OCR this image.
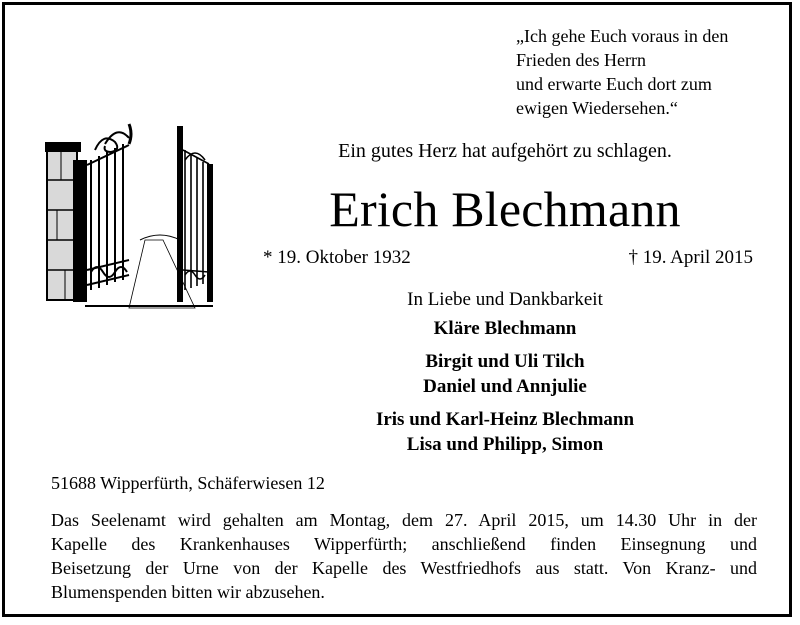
„Ich gehe Euch voraus in den
Frieden des Herrn
und erwarte Euch dort zum
ewigen Wiedersehen.“
Ein gutes Herz hat aufgehört zu schlagen.
Erich Blechmann
* 19. Oktober 1932	† 19. April 2015
In Liebe und Dankbarkeit
Kläre Blechmann
Birgit und Uli Tilch
Daniel und Annjulie
Iris und Karl-Heinz Blechmann
Lisa und Philipp, Simon
51688 Wipperfürth, Schäferwiesen 12
Das Seelenamt wird gehalten am Montag, dem 27. April 2015, um 14.30 Uhr in der
Kapelle des Krankenhauses Wipperfürth; anschließend finden Einsegnung und
Beisetzung der Urne von der Kapelle des Westfriedhofs aus statt. Von Kranz- und
Blumenspenden bitten wir abzusehen.
